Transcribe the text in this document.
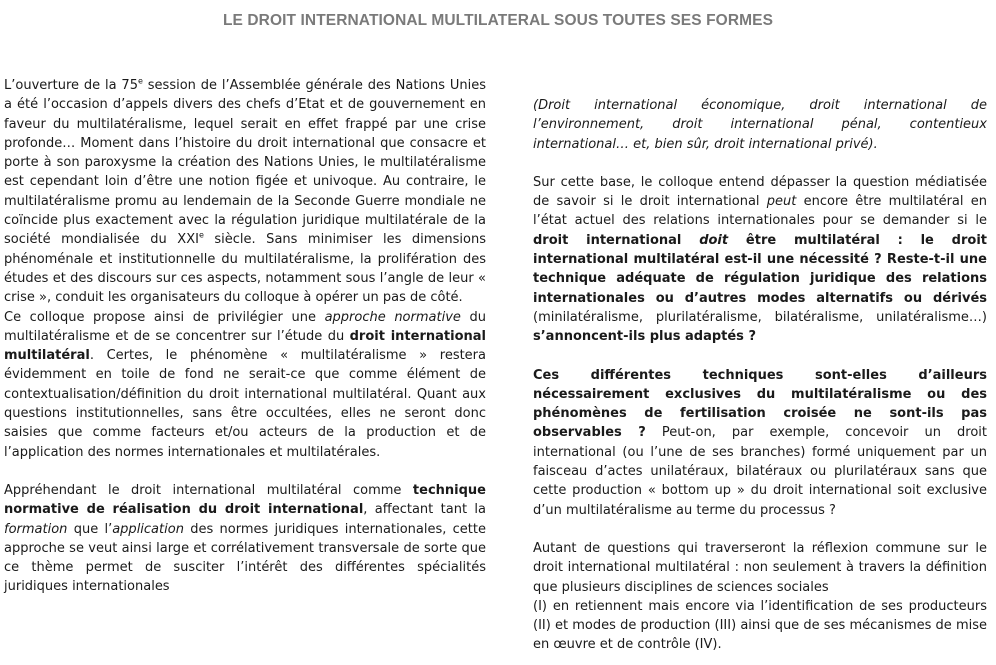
LE DROIT INTERNATIONAL MULTILATERAL SOUS TOUTES SES FORMES

L’ouverture de la 75e session de l’Assemblée générale des Nations Unies a été l’occasion d’appels divers des chefs d’Etat et de gouvernement en faveur du multilatéralisme, lequel serait en effet frappé par une crise profonde… Moment dans l’histoire du droit international que consacre et porte à son paroxysme la création des Nations Unies, le multilatéralisme est cependant loin d’être une notion figée et univoque. Au contraire, le multilatéralisme promu au lendemain de la Seconde Guerre mondiale ne coïncide plus exactement avec la régulation juridique multilatérale de la société mondialisée du XXIe siècle. Sans minimiser les dimensions phénoménale et institutionnelle du multilatéralisme, la prolifération des études et des discours sur ces aspects, notamment sous l’angle de leur « crise », conduit les organisateurs du colloque à opérer un pas de côté.

Ce colloque propose ainsi de privilégier une approche normative du multilatéralisme et de se concentrer sur l’étude du droit international multilatéral. Certes, le phénomène « multilatéralisme » restera évidemment en toile de fond ne serait-ce que comme élément de contextualisation/définition du droit international multilatéral. Quant aux questions institutionnelles, sans être occultées, elles ne seront donc saisies que comme facteurs et/ou acteurs de la production et de l’application des normes internationales et multilatérales.

Appréhendant le droit international multilatéral comme technique normative de réalisation du droit international, affectant tant la formation que l’application des normes juridiques internationales, cette approche se veut ainsi large et corrélativement transversale de sorte que ce thème permet de susciter l’intérêt des différentes spécialités juridiques internationales

(Droit international économique, droit international de l’environnement, droit international pénal, contentieux international… et, bien sûr, droit international privé).

Sur cette base, le colloque entend dépasser la question médiatisée de savoir si le droit international peut encore être multilatéral en l’état actuel des relations internationales pour se demander si le droit international doit être multilatéral : le droit international multilatéral est-il une nécessité ? Reste-t-il une technique adéquate de régulation juridique des relations internationales ou d’autres modes alternatifs ou dérivés (minilatéralisme, plurilatéralisme, bilatéralisme, unilatéralisme…) s’annoncent-ils plus adaptés ?

Ces différentes techniques sont-elles d’ailleurs nécessairement exclusives du multilatéralisme ou des phénomènes de fertilisation croisée ne sont-ils pas observables ? Peut-on, par exemple, concevoir un droit international (ou l’une de ses branches) formé uniquement par un faisceau d’actes unilatéraux, bilatéraux ou plurilatéraux sans que cette production « bottom up » du droit international soit exclusive d’un multilatéralisme au terme du processus ?

Autant de questions qui traverseront la réflexion commune sur le droit international multilatéral : non seulement à travers la définition que plusieurs disciplines de sciences sociales
(I) en retiennent mais encore via l’identification de ses producteurs (II) et modes de production (III) ainsi que de ses mécanismes de mise en œuvre et de contrôle (IV).
